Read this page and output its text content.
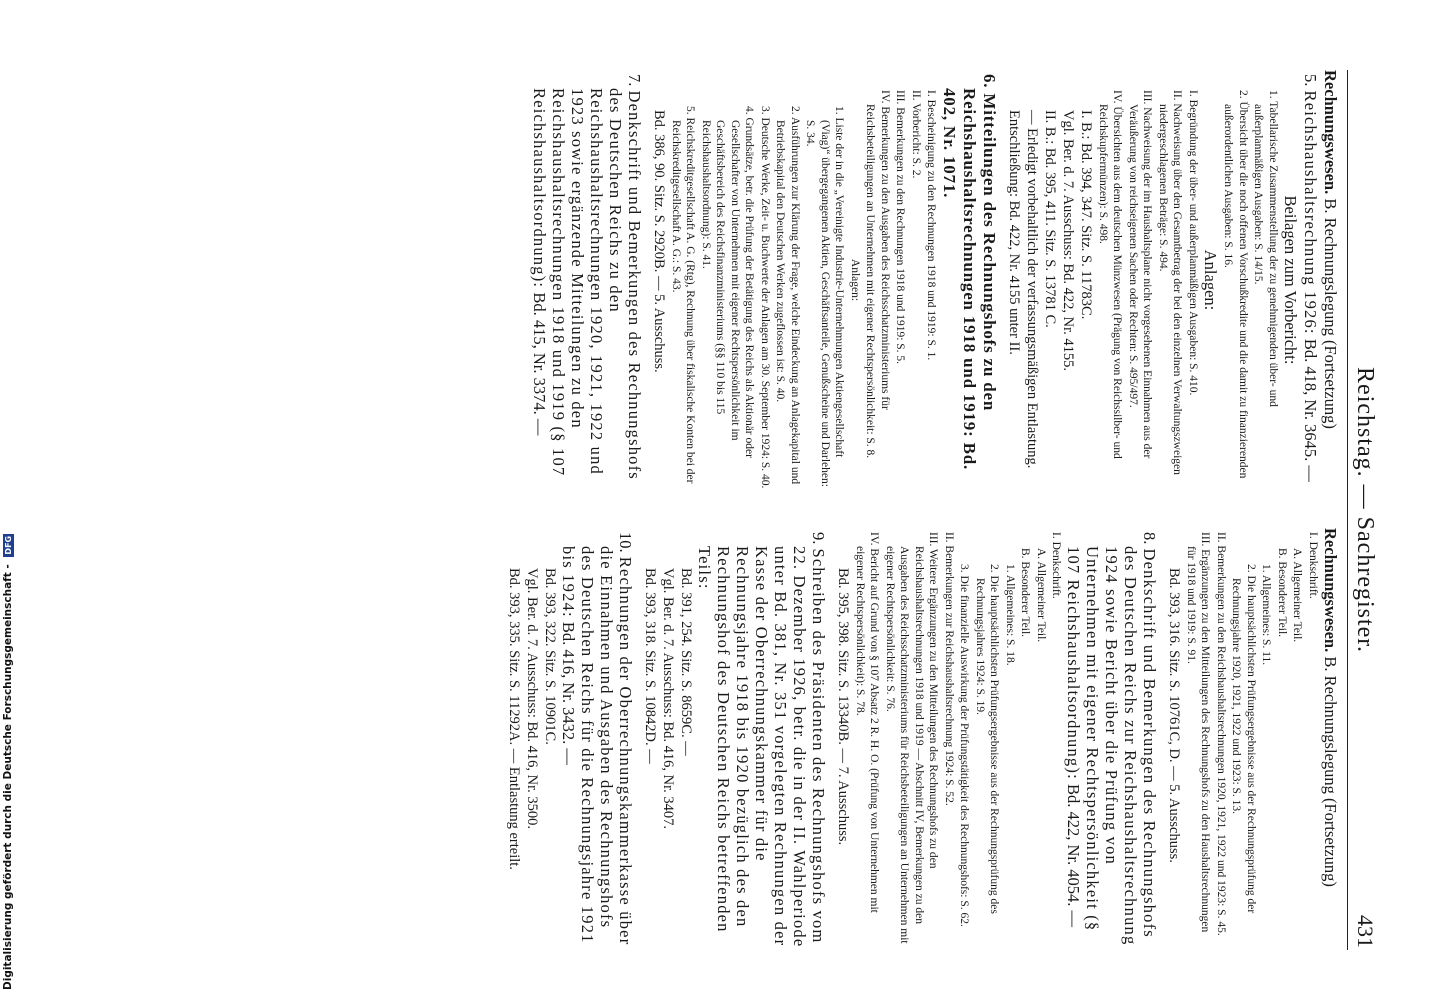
Reichstag. — Sachregister.
431

Rechnungswesen. B. Rechnungslegung (Fortsetzung)

5. Reichshaushaltsrechnung 1926: Bd. 418, Nr. 3645. —

Beilagen zum Vorbericht:

1. Tabellarische Zusammenstellung der zu genehmigenden über- und außerplanmäßigen Ausgaben: S. 14/15.

2. Übersicht über die noch offenen Vorschußkredite und die damit zu finanzierenden außerordentlichen Ausgaben: S. 16.

Anlagen:

I. Begründung der über- und außerplanmäßigen Ausgaben: S. 410.

II. Nachweisung über den Gesamtbetrag der bei den einzelnen Verwaltungszweigen niedergeschlagenen Beträge: S. 494.

III. Nachweisung der im Haushaltsplane nicht vorgesehenen Einnahmen aus der Veräußerung von reichseigenen Sachen oder Rechten: S. 495/497.

IV. Übersichten aus dem deutschen Münzwesen (Prägung von Reichssilber- und Reichskupfermünzen): S. 498.

I. B.: Bd. 394, 347. Sitz. S. 11783C.

Vgl. Ber. d. 7. Ausschuss: Bd. 422, Nr. 4155.

II. B.: Bd. 395, 411. Sitz. S. 13781 C.

— Erledigt vorbehaltlich der verfassungsmäßigen Entlastung.

Entschließung: Bd. 422, Nr. 4155 unter II.

6. Mitteilungen des Rechnungshofs zu den Reichshaushaltsrechnungen 1918 und 1919: Bd. 402, Nr. 1071.

I. Bescheinigung zu den Rechnungen 1918 und 1919: S. 1.

II. Vorbericht: S. 2.

III. Bemerkungen zu den Rechnungen 1918 und 1919: S. 5.

IV. Bemerkungen zu den Ausgaben des Reichsschatzministeriums für Reichsbeteiligungen an Unternehmen mit eigener Rechtspersönlichkeit: S. 8.

Anlagen:

1. Liste der in die „Vereinigte Industrie-Unternehmungen Aktiengesellschaft (Viag)“ übergegangenen Aktien, Geschäftsanteile, Genußscheine und Darlehen: S. 34.

2. Ausführungen zur Klärung der Frage, welche Eindeckung an Anlagekapital und Betriebskapital den Deutschen Werken zugeflossen ist: S. 40.

3. Deutsche Werke, Zeit- u. Buchwerte der Anlagen am 30. September 1924: S. 40.

4. Grundsätze, betr. die Prüfung der Betätigung des Reichs als Aktionär oder Gesellschafter von Unternehmen mit eigener Rechtspersönlichkeit im Geschäftsbereich des Reichsfinanzministeriums (§§ 110 bis 115 Reichshaushaltsordnung): S. 41.

5. Reichskreditgesellschaft A. G. (Rtg), Rechnung über fiskalische Konten bei der Reichskreditgesellschaft A. G.: S. 43.

Bd. 386, 90. Sitz. S. 2920B. — 5. Ausschuss.

7. Denkschrift und Bemerkungen des Rechnungshofs des Deutschen Reichs zu den Reichshaushaltsrechnungen 1920, 1921, 1922 und 1923 sowie ergänzende Mitteilungen zu den Reichshaushaltsrechnungen 1918 und 1919 (§ 107 Reichshaushaltsordnung): Bd. 415, Nr. 3374. —

Rechnungswesen. B. Rechnungslegung (Fortsetzung)

I. Denkschrift.

A. Allgemeiner Teil.

B. Besonderer Teil.

1. Allgemeines: S. 11.

2. Die hauptsächlichsten Prüfungsergebnisse aus der Rechnungsprüfung der Rechnungsjahre 1920, 1921, 1922 und 1923: S. 13.

II. Bemerkungen zu den Reichshaushaltsrechnungen 1920, 1921, 1922 und 1923: S. 45.

III. Ergänzungen zu den Mitteilungen des Rechnungshofs zu den Haushaltsrechnungen für 1918 und 1919: S. 91.

Bd. 393, 316. Sitz. S. 10761C, D. — 5. Ausschuss.

8. Denkschrift und Bemerkungen des Rechnungshofs des Deutschen Reichs zur Reichshaushaltsrechnung 1924 sowie Bericht über die Prüfung von Unternehmen mit eigener Rechtspersönlichkeit (§ 107 Reichshaushaltsordnung): Bd. 422, Nr. 4054. —

I. Denkschrift.

A. Allgemeiner Teil.

B. Besonderer Teil.

1. Allgemeines: S. 18.

2. Die hauptsächlichsten Prüfungsergebnisse aus der Rechnungsprüfung des Rechnungsjahres 1924: S. 19.

3. Die finanzielle Auswirkung der Prüfungstätigkeit des Rechnungshofs: S. 62.

II. Bemerkungen zur Reichshaushaltsrechnung 1924: S. 52.

III. Weitere Ergänzungen zu den Mitteilungen des Rechnungshofs zu den Reichshaushaltsrechnungen 1918 und 1919 — Abschnitt IV, Bemerkungen zu den Ausgaben des Reichsschatzministeriums für Reichsbeteiligungen an Unternehmen mit eigener Rechtspersönlichkeit: S. 76.

IV. Bericht auf Grund von § 107 Absatz 2 R. H. O. (Prüfung von Unternehmen mit eigener Rechtspersönlichkeit): S. 78.

Bd. 395, 398. Sitz. S. 13340B. — 7. Ausschuss.

9. Schreiben des Präsidenten des Rechnungshofs vom 22. Dezember 1926, betr. die in der II. Wahlperiode unter Bd. 381, Nr. 351 vorgelegten Rechnungen der Kasse der Oberrechnungskammer für die Rechnungsjahre 1918 bis 1920 bezüglich des den Rechnungshof des Deutschen Reichs betreffenden Teils:

Bd. 391, 254. Sitz. S. 8659C. —

Vgl. Ber. d. 7. Ausschuss: Bd. 416, Nr. 3407.

Bd. 393, 318. Sitz. S. 10842D. —

10. Rechnungen der Oberrechnungskammerkasse über die Einnahmen und Ausgaben des Rechnungshofs des Deutschen Reichs für die Rechnungsjahre 1921 bis 1924: Bd. 416, Nr. 3432. —

Bd. 393, 322. Sitz. S. 10901C.

Vgl. Ber. d. 7. Ausschuss: Bd. 416, Nr. 3500.

Bd. 393, 335. Sitz. S. 11292A. — Entlastung erteilt.

Digitalisierung gefördert durch die Deutsche Forschungsgemeinschaft - DFG
